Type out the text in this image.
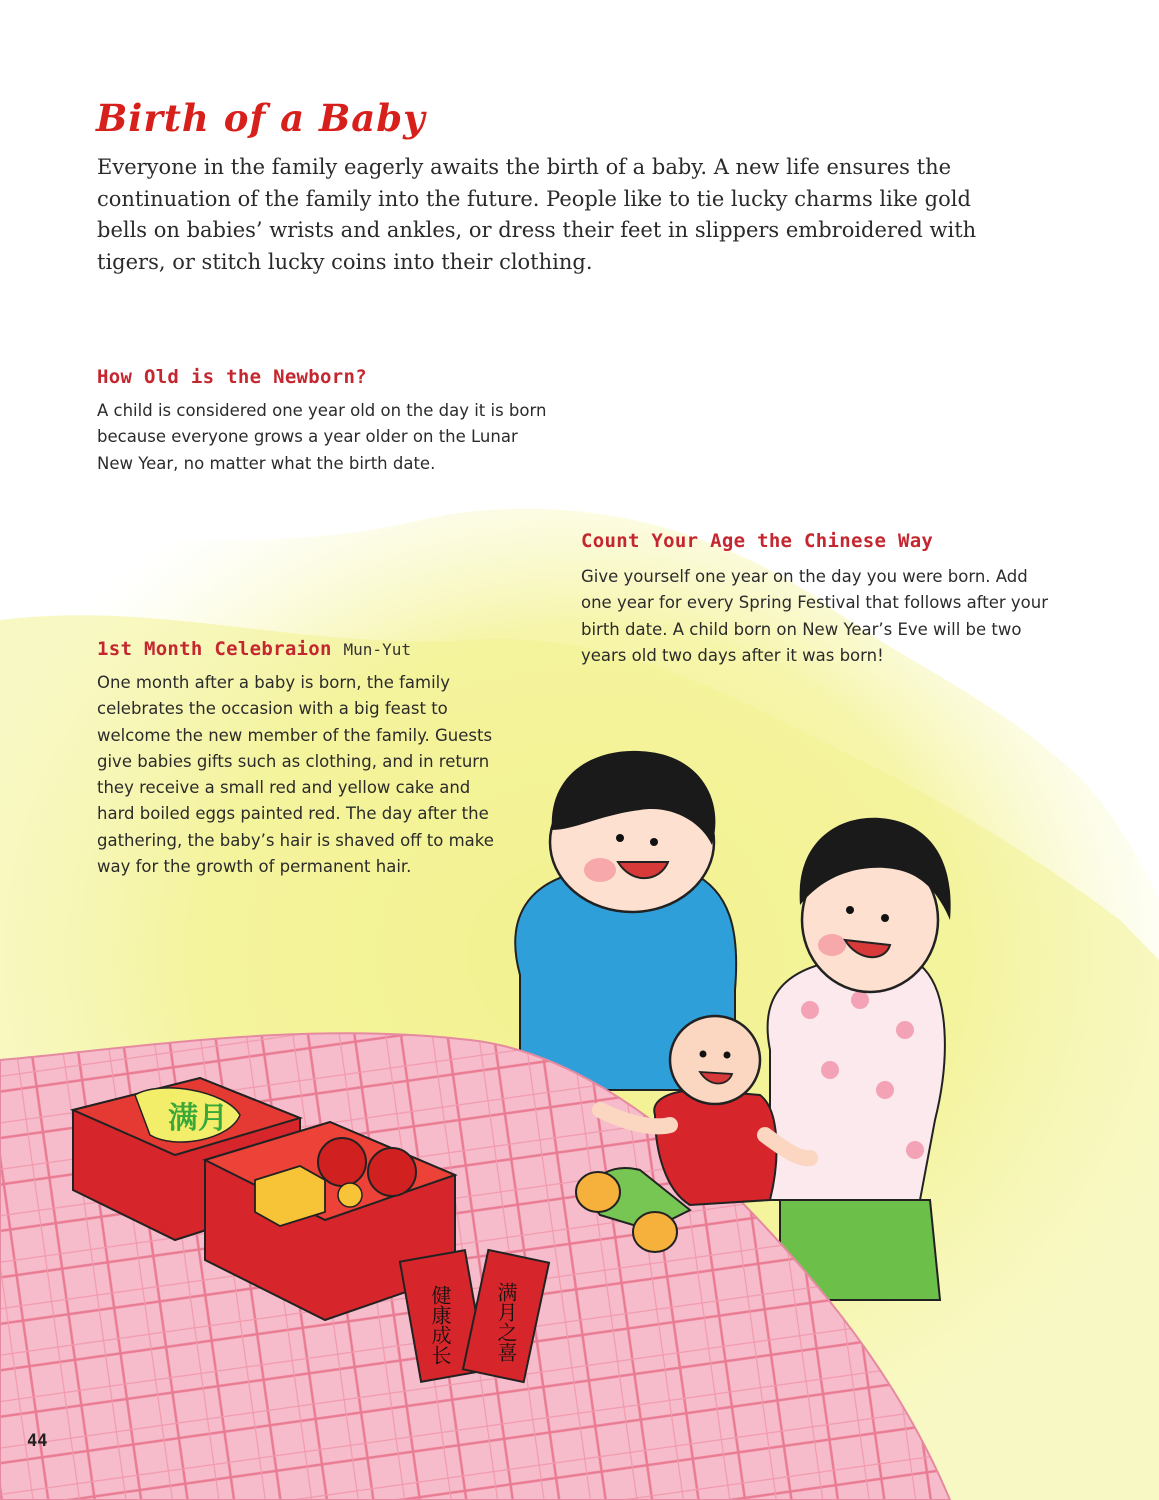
Birth of a Baby

Everyone in the family eagerly awaits the birth of a baby. A new life ensures the continuation of the family into the future. People like to tie lucky charms like gold bells on babies’ wrists and ankles, or dress their feet in slippers embroidered with tigers, or stitch lucky coins into their clothing.

How Old is the Newborn?

A child is considered one year old on the day it is born because everyone grows a year older on the Lunar New Year, no matter what the birth date.

Count Your Age the Chinese Way

Give yourself one year on the day you were born. Add one year for every Spring Festival that follows after your birth date. A child born on New Year’s Eve will be two years old two days after it was born!

1st Month Celebraion Mun-Yut

One month after a baby is born, the family celebrates the occasion with a big feast to welcome the new member of the family. Guests give babies gifts such as clothing, and in return they receive a small red and yellow cake and hard boiled eggs painted red. The day after the gathering, the baby’s hair is shaved off to make way for the growth of permanent hair.

满月
健康成长 满月之喜
44
